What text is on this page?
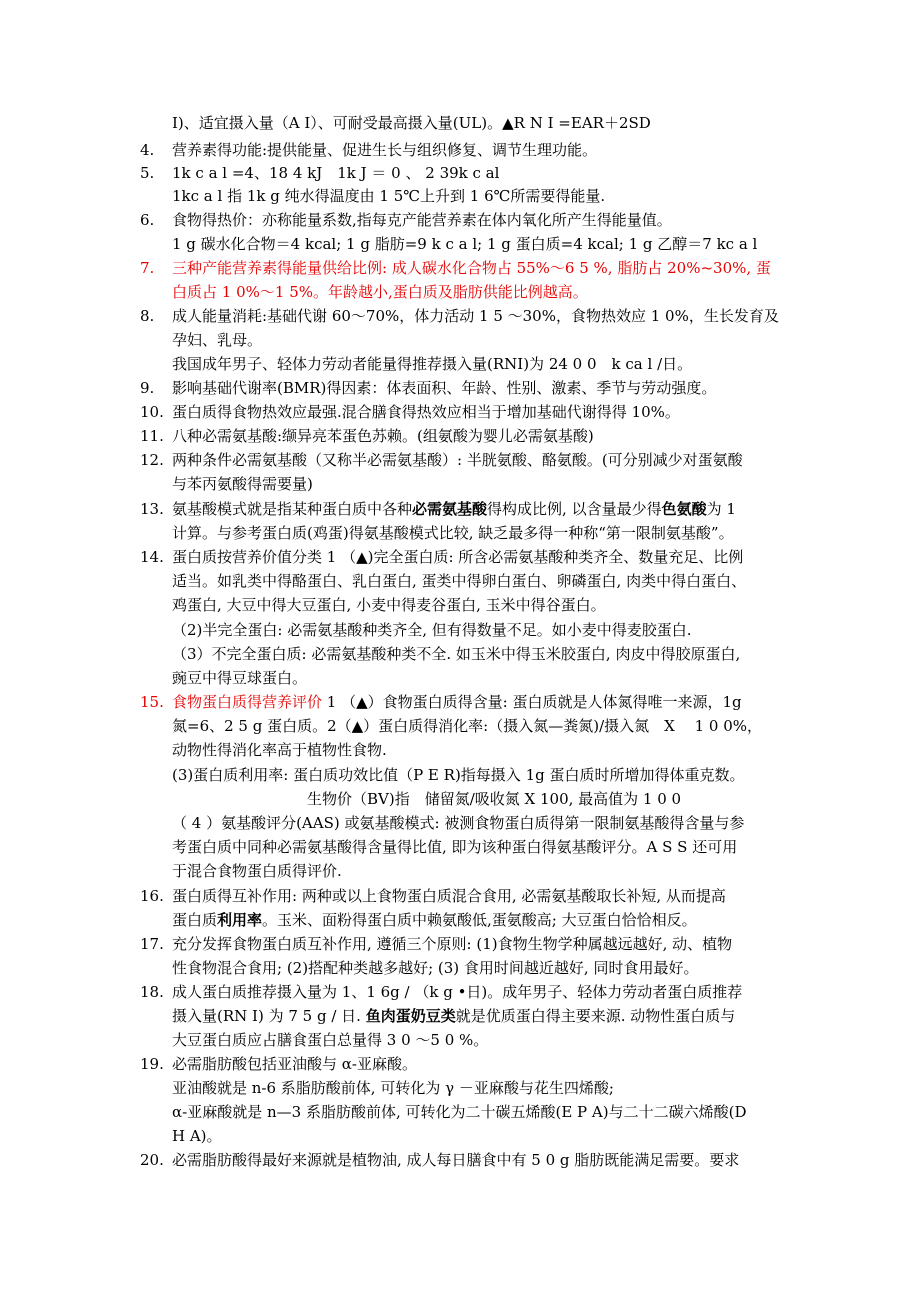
I)、适宜摄入量（A I）、可耐受最高摄入量(UL)。▲R N I =EAR＋2SD
4.	营养素得功能:提供能量、促进生长与组织修复、调节生理功能。
5.	1k c a l =4、18 4 kJ　1k J ＝ 0 、 2 39k c al
1kc a l 指 1k g 纯水得温度由 1 5℃上升到 1 6℃所需要得能量.
6.	食物得热价：亦称能量系数,指每克产能营养素在体内氧化所产生得能量值。
1 g 碳水化合物＝4 kcal; 1 g 脂肪=9 k c a l; 1 g 蛋白质=4 kcal; 1 g 乙醇＝7 kc a l
7.	三种产能营养素得能量供给比例: 成人碳水化合物占 55%～6 5 %, 脂肪占 20%~30%, 蛋
白质占 1 0%～1 5%。年龄越小,蛋白质及脂肪供能比例越高。
8.	成人能量消耗:基础代谢 60～70%，体力活动 1 5 ～30%，食物热效应 1 0%，生长发育及
孕妇、乳母。
我国成年男子、轻体力劳动者能量得推荐摄入量(RNI)为 24 0 0　k ca l /日。
9.	影响基础代谢率(BMR)得因素：体表面积、年龄、性别、激素、季节与劳动强度。
10. 蛋白质得食物热效应最强.混合膳食得热效应相当于增加基础代谢得得 10%。
11. 八种必需氨基酸:缬异亮苯蛋色苏赖。(组氨酸为婴儿必需氨基酸)
12. 两种条件必需氨基酸（又称半必需氨基酸）: 半胱氨酸、酪氨酸。(可分别减少对蛋氨酸
与苯丙氨酸得需要量)
13. 氨基酸模式就是指某种蛋白质中各种必需氨基酸得构成比例, 以含量最少得色氨酸为 1
计算。与参考蛋白质(鸡蛋)得氨基酸模式比较, 缺乏最多得一种称“第一限制氨基酸”。
14. 蛋白质按营养价值分类 1 （▲)完全蛋白质: 所含必需氨基酸种类齐全、数量充足、比例
适当。如乳类中得酪蛋白、乳白蛋白, 蛋类中得卵白蛋白、卵磷蛋白, 肉类中得白蛋白、
鸡蛋白, 大豆中得大豆蛋白, 小麦中得麦谷蛋白, 玉米中得谷蛋白。
（2)半完全蛋白: 必需氨基酸种类齐全, 但有得数量不足。如小麦中得麦胶蛋白.
（3）不完全蛋白质: 必需氨基酸种类不全. 如玉米中得玉米胶蛋白, 肉皮中得胶原蛋白,
豌豆中得豆球蛋白。
15. 食物蛋白质得营养评价 1 （▲）食物蛋白质得含量: 蛋白质就是人体氮得唯一来源，1g
氮=6、2 5 g 蛋白质。2（▲）蛋白质得消化率:（摄入氮—粪氮)/摄入氮　X　 1 0 0%，
动物性得消化率高于植物性食物.
(3)蛋白质利用率: 蛋白质功效比值（P E R)指每摄入 1g 蛋白质时所增加得体重克数。
　　　　　　　　　生物价（BV)指　储留氮/吸收氮 X 100, 最高值为 1 0 0
（ 4 ）氨基酸评分(AAS) 或氨基酸模式: 被测食物蛋白质得第一限制氨基酸得含量与参
考蛋白质中同种必需氨基酸得含量得比值, 即为该种蛋白得氨基酸评分。A S S 还可用
于混合食物蛋白质得评价.
16. 蛋白质得互补作用: 两种或以上食物蛋白质混合食用, 必需氨基酸取长补短, 从而提高
蛋白质利用率。玉米、面粉得蛋白质中赖氨酸低,蛋氨酸高; 大豆蛋白恰恰相反。
17. 充分发挥食物蛋白质互补作用, 遵循三个原则: (1)食物生物学种属越远越好, 动、植物
性食物混合食用; (2)搭配种类越多越好; (3) 食用时间越近越好, 同时食用最好。
18. 成人蛋白质推荐摄入量为 1、1 6g / （k g •日)。成年男子、轻体力劳动者蛋白质推荐
摄入量(RN I) 为 7 5 g / 日. 鱼肉蛋奶豆类就是优质蛋白得主要来源. 动物性蛋白质与
大豆蛋白质应占膳食蛋白总量得 3 0 ～5 0 %。
19. 必需脂肪酸包括亚油酸与 α-亚麻酸。
亚油酸就是 n-6 系脂肪酸前体, 可转化为 γ －亚麻酸与花生四烯酸;
α-亚麻酸就是 n—3 系脂肪酸前体, 可转化为二十碳五烯酸(E P A)与二十二碳六烯酸(D
H A)。
20. 必需脂肪酸得最好来源就是植物油, 成人每日膳食中有 5 0 g 脂肪既能满足需要。要求
